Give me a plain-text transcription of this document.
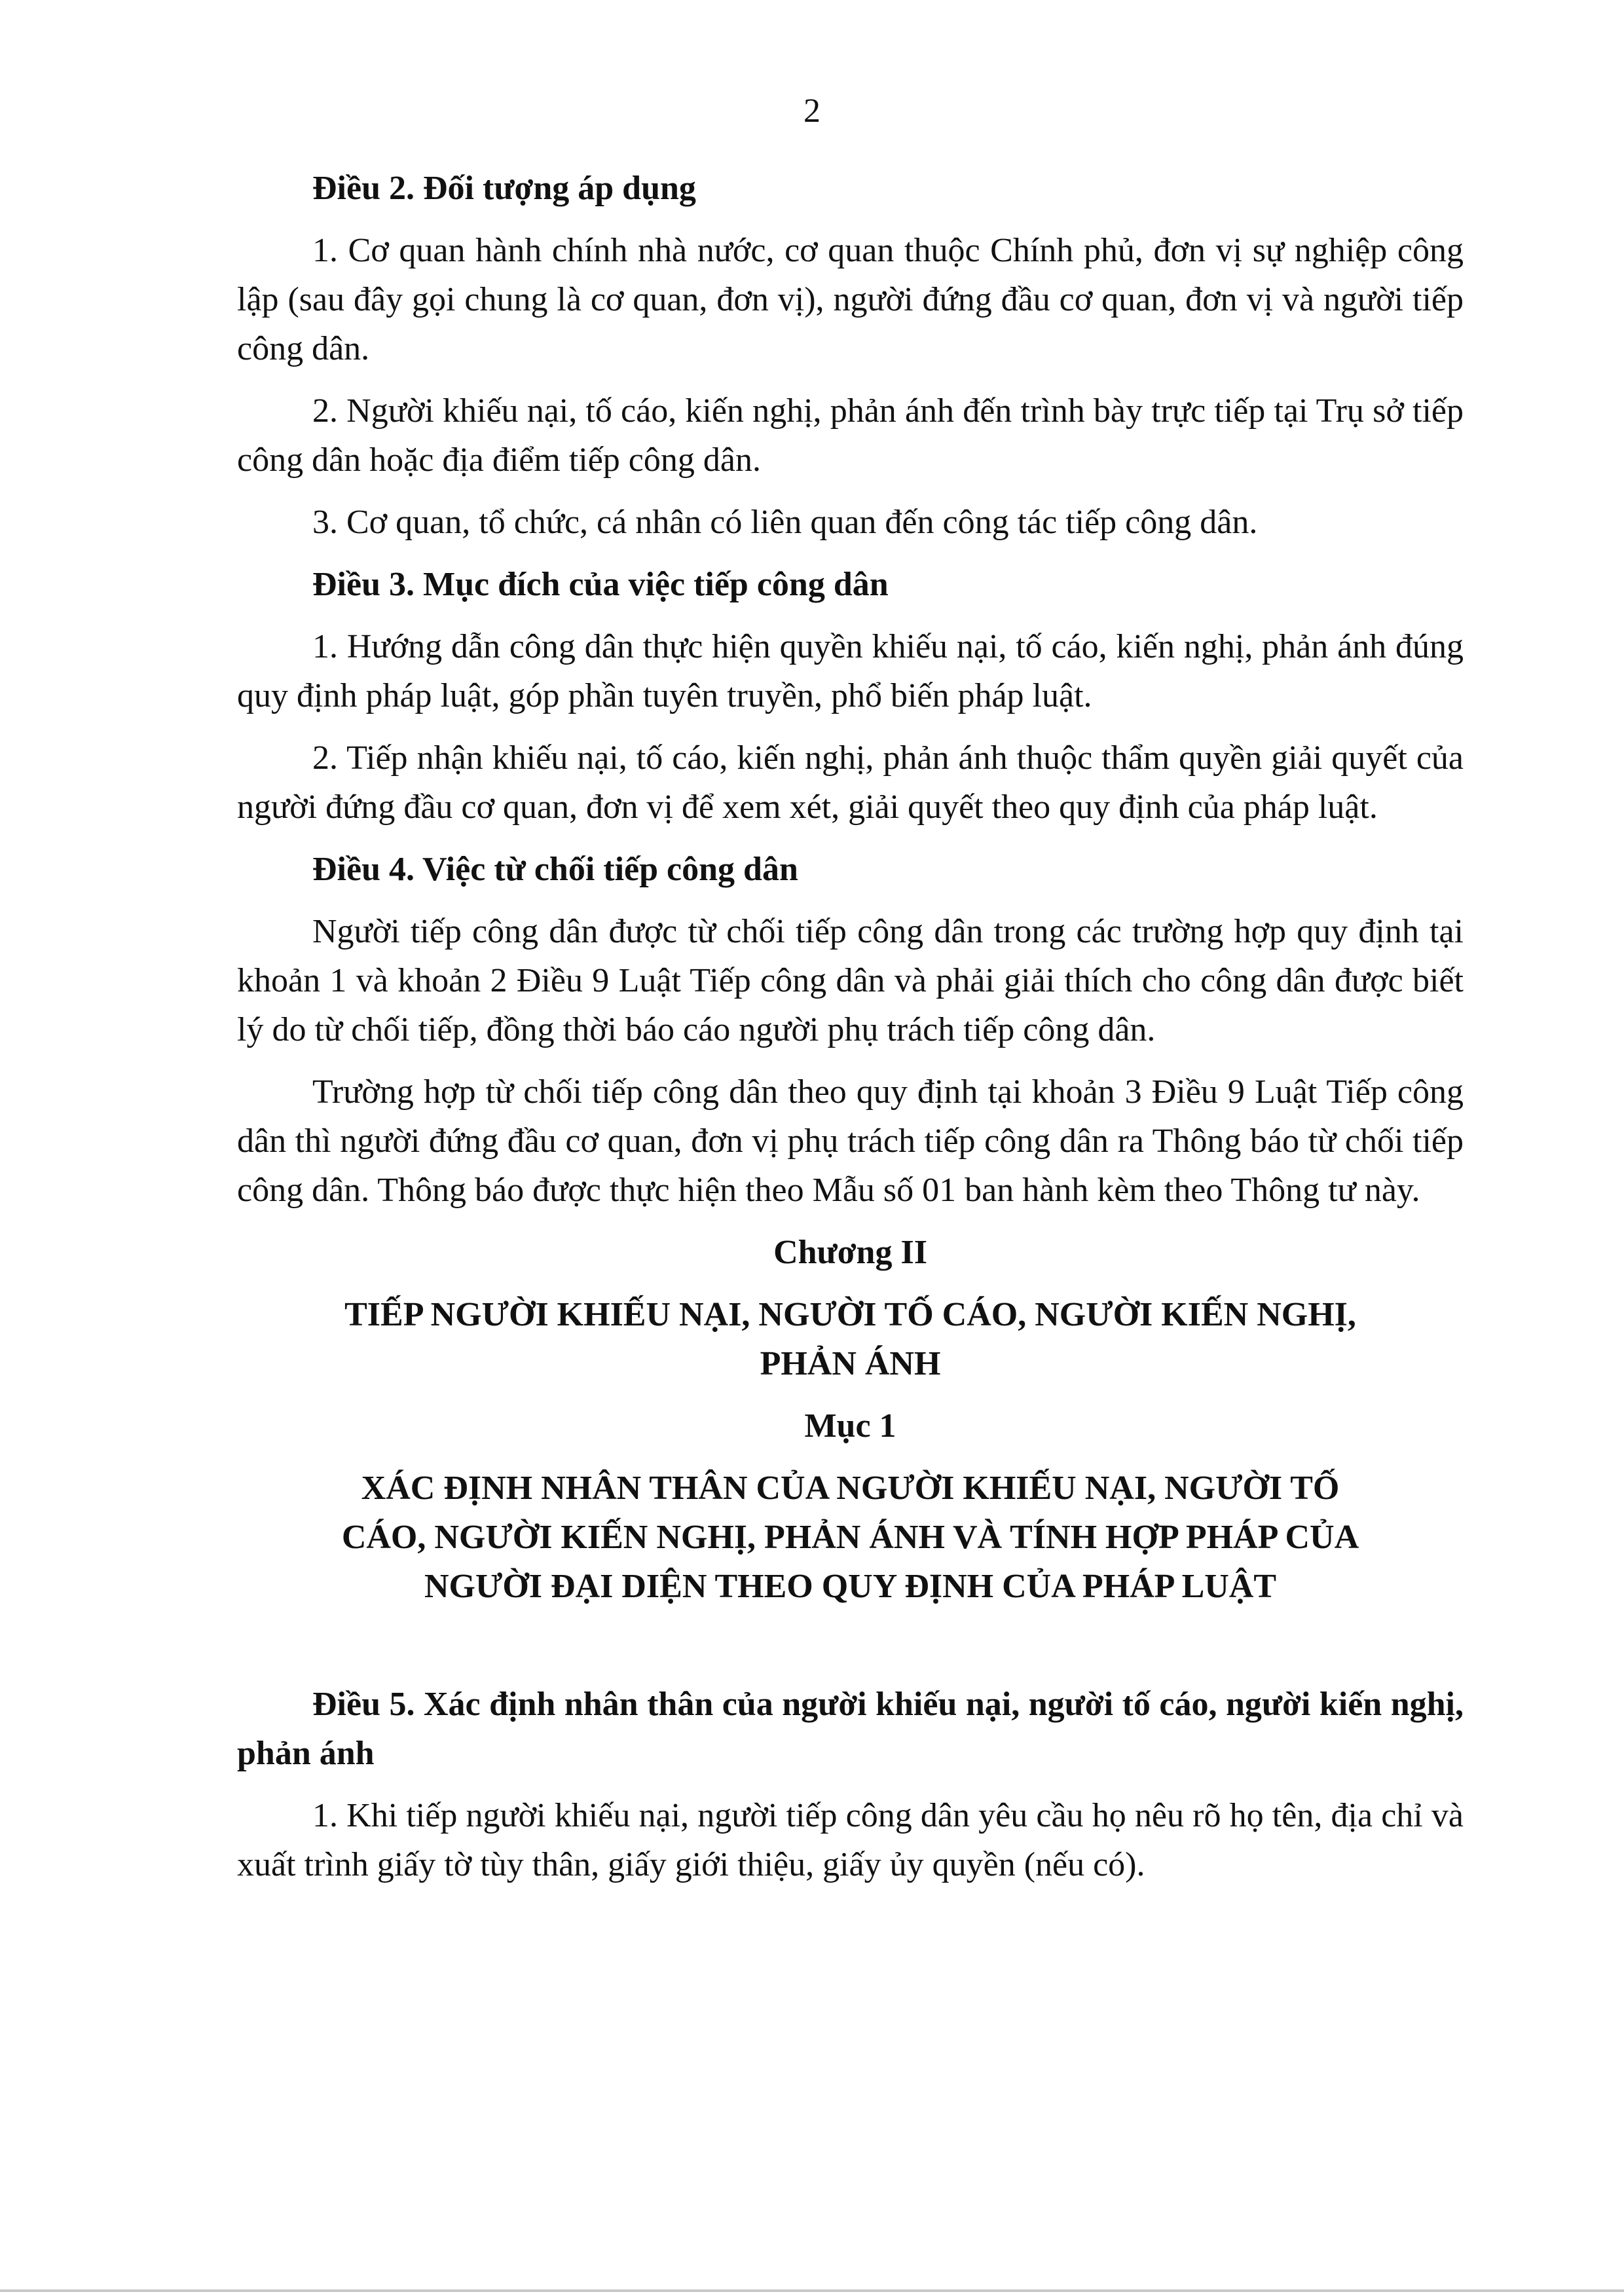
2

Điều 2. Đối tượng áp dụng

1. Cơ quan hành chính nhà nước, cơ quan thuộc Chính phủ, đơn vị sự nghiệp công lập (sau đây gọi chung là cơ quan, đơn vị), người đứng đầu cơ quan, đơn vị và người tiếp công dân.

2. Người khiếu nại, tố cáo, kiến nghị, phản ánh đến trình bày trực tiếp tại Trụ sở tiếp công dân hoặc địa điểm tiếp công dân.

3. Cơ quan, tổ chức, cá nhân có liên quan đến công tác tiếp công dân.

Điều 3. Mục đích của việc tiếp công dân

1. Hướng dẫn công dân thực hiện quyền khiếu nại, tố cáo, kiến nghị, phản ánh đúng quy định pháp luật, góp phần tuyên truyền, phổ biến pháp luật.

2. Tiếp nhận khiếu nại, tố cáo, kiến nghị, phản ánh thuộc thẩm quyền giải quyết của người đứng đầu cơ quan, đơn vị để xem xét, giải quyết theo quy định của pháp luật.

Điều 4. Việc từ chối tiếp công dân

Người tiếp công dân được từ chối tiếp công dân trong các trường hợp quy định tại khoản 1 và khoản 2 Điều 9 Luật Tiếp công dân và phải giải thích cho công dân được biết lý do từ chối tiếp, đồng thời báo cáo người phụ trách tiếp công dân.

Trường hợp từ chối tiếp công dân theo quy định tại khoản 3 Điều 9 Luật Tiếp công dân thì người đứng đầu cơ quan, đơn vị phụ trách tiếp công dân ra Thông báo từ chối tiếp công dân. Thông báo được thực hiện theo Mẫu số 01 ban hành kèm theo Thông tư này.

Chương II

TIẾP NGƯỜI KHIẾU NẠI, NGƯỜI TỐ CÁO, NGƯỜI KIẾN NGHỊ,
PHẢN ÁNH

Mục 1

XÁC ĐỊNH NHÂN THÂN CỦA NGƯỜI KHIẾU NẠI, NGƯỜI TỐ
CÁO, NGƯỜI KIẾN NGHỊ, PHẢN ÁNH VÀ TÍNH HỢP PHÁP CỦA
NGƯỜI ĐẠI DIỆN THEO QUY ĐỊNH CỦA PHÁP LUẬT

Điều 5. Xác định nhân thân của người khiếu nại, người tố cáo, người kiến nghị, phản ánh

1. Khi tiếp người khiếu nại, người tiếp công dân yêu cầu họ nêu rõ họ tên, địa chỉ và xuất trình giấy tờ tùy thân, giấy giới thiệu, giấy ủy quyền (nếu có).
